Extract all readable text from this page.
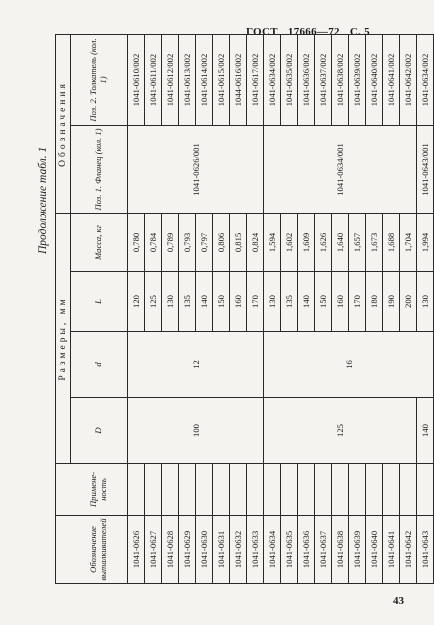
ГОСТ 17666—72 С. 5
Продолжение табл. 1
		Размеры, мм				Обозначения	
Обозначение выталкивателей	Примене-ность	D	d	L	Масса, кг	Поз. 1. Фланец (кол. 1)	Поз. 2. Толкатель (кол. 1)
1041-0626		100	12	120	0,780	1041-0626/001	1041-0610/002
1041-0627				125	0,784		1041-0611/002
1041-0628				130	0,789		1041-0612/002
1041-0629				135	0,793		1041-0613/002
1041-0630				140	0,797		1041-0614/002
1041-0631				150	0,806		1041-0615/002
1041-0632				160	0,815		1044-0616/002
1041-0633				170	0,824		1041-0617/002
1041-0634		125	16	130	1,594	1041-0634/001	1041-0634/002
1041-0635				135	1,602		1041-0635/002
1041-0636				140	1,609		1041-0636/002
1041-0637				150	1,626		1041-0637/002
1041-0638				160	1,640		1041-0638/002
1041-0639				170	1,657		1041-0639/002
1041-0640				180	1,673		1041-0640/002
1041-0641				190	1,688		1041-0641/002
1041-0642				200	1,704		1041-0642/002
1041-0643		140		130	1,994	1041-0643/001	1041-0634/002
43
